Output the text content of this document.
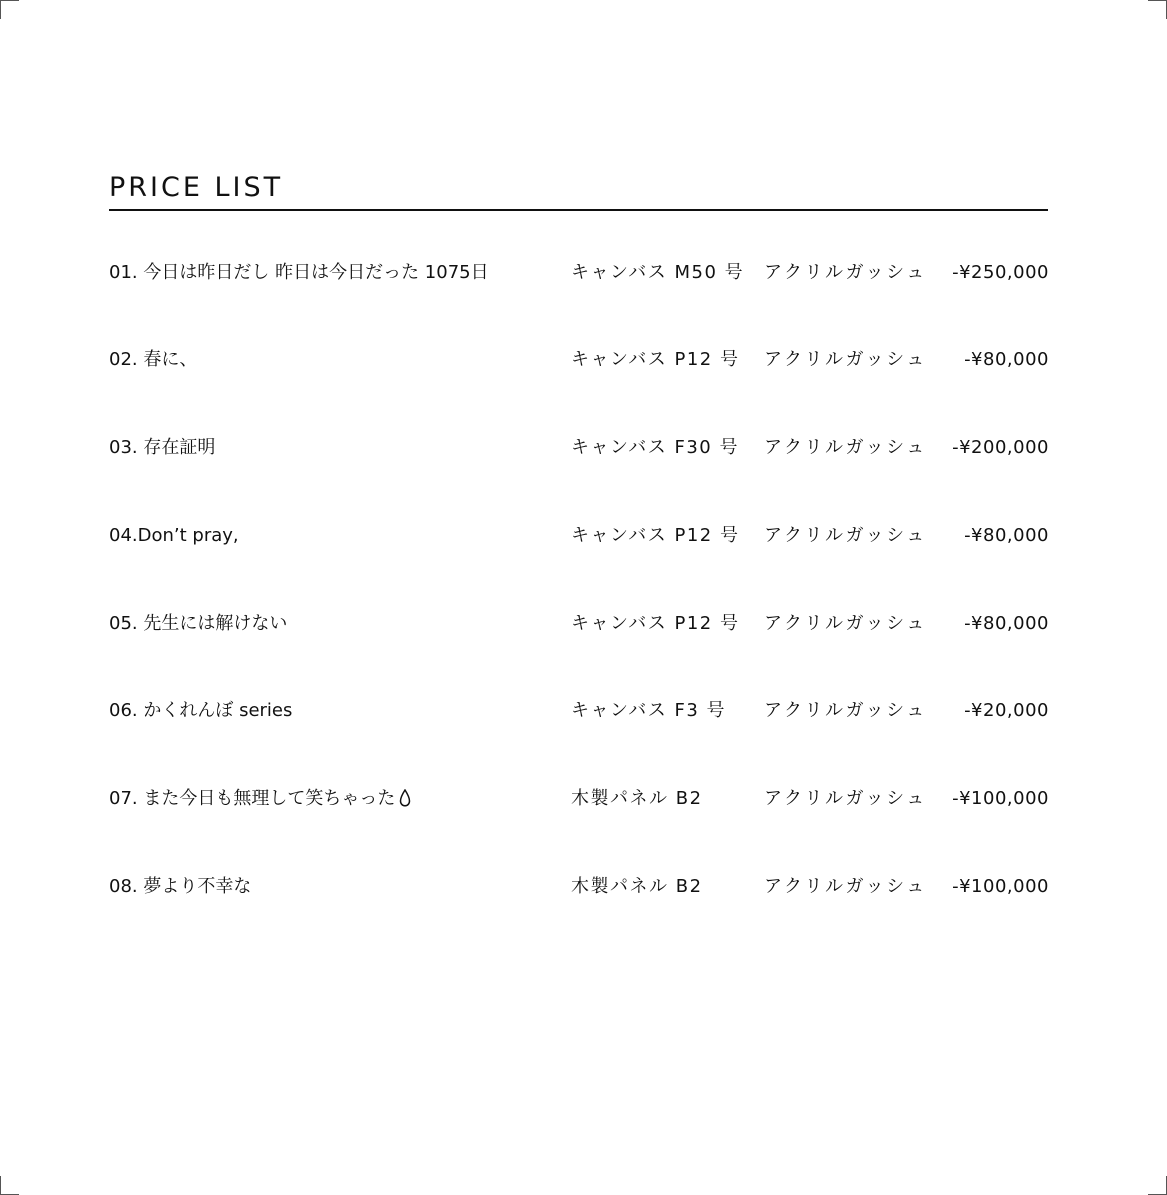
PRICE LIST
01. 今日は昨日だし 昨日は今日だった 1075日	キャンバス M50 号 アクリルガッシュ -¥250,000
02. 春に、	キャンバス P12 号 アクリルガッシュ -¥80,000
03. 存在証明	キャンバス F30 号 アクリルガッシュ -¥200,000
04.Don’t pray,	キャンバス P12 号 アクリルガッシュ -¥80,000
05. 先生には解けない	キャンバス P12 号 アクリルガッシュ -¥80,000
06. かくれんぼ series	キャンバス F3 号 アクリルガッシュ -¥20,000
07. また今日も無理して笑ちゃった	木製パネル B2	アクリルガッシュ -¥100,000
08. 夢より不幸な	木製パネル B2	アクリルガッシュ -¥100,000
